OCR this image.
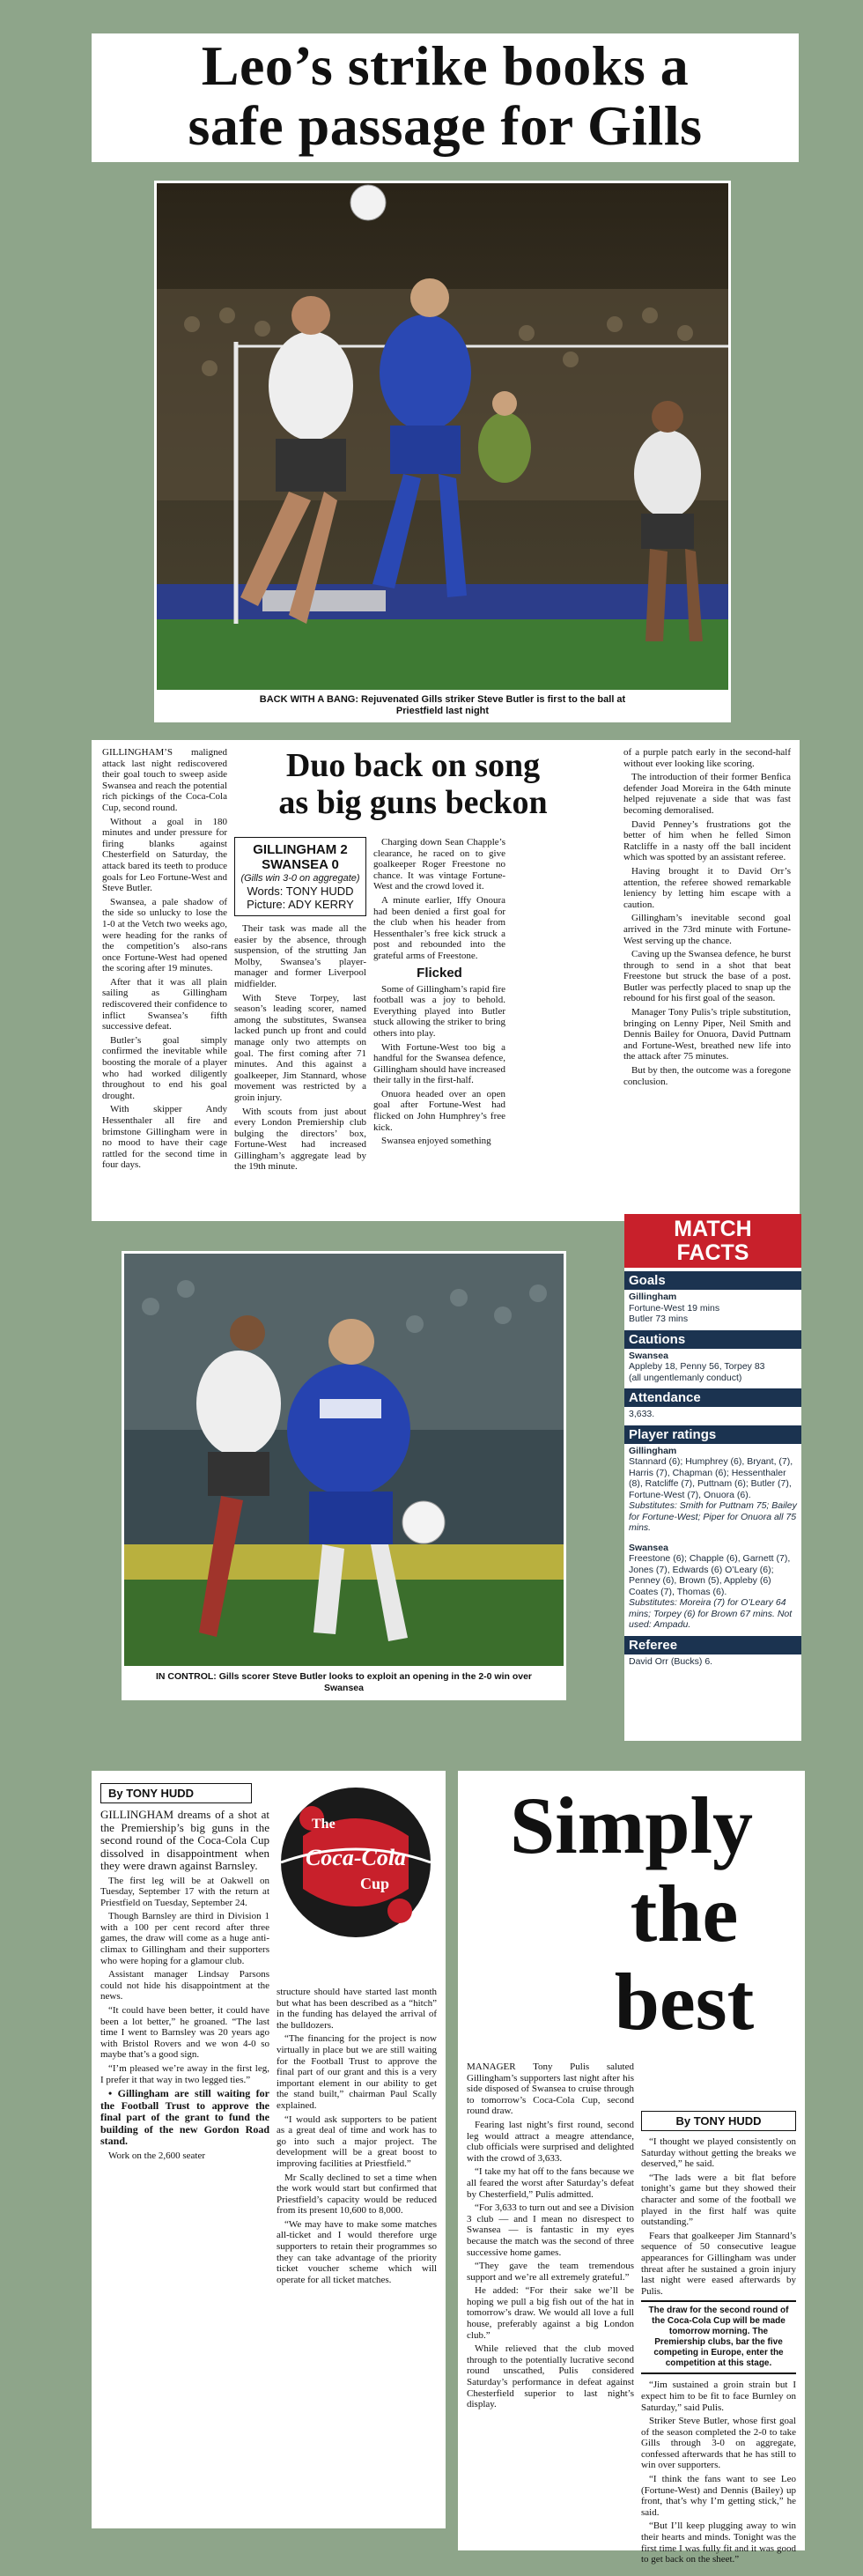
Leo’s strike books a
safe passage for Gills
BACK WITH A BANG: Rejuvenated Gills striker Steve Butler is first to the ball at
Priestfield last night

GILLINGHAM’S maligned attack last night rediscovered their goal touch to sweep aside Swansea and reach the potential rich pickings of the Coca-Cola Cup, second round.

Without a goal in 180 minutes and under pressure for firing blanks against Chesterfield on Saturday, the attack bared its teeth to produce goals for Leo Fortune-West and Steve Butler.

Swansea, a pale shadow of the side so unlucky to lose the 1-0 at the Vetch two weeks ago, were heading for the ranks of the competition’s also-rans once Fortune-West had opened the scoring after 19 minutes.

After that it was all plain sailing as Gillingham rediscovered their confidence to inflict Swansea’s fifth successive defeat.

Butler’s goal simply confirmed the inevitable while boosting the morale of a player who had worked diligently throughout to end his goal drought.

With skipper Andy Hessenthaler all fire and brimstone Gillingham were in no mood to have their cage rattled for the second time in four days.

Duo back on song
as big guns beckon
GILLINGHAM 2
SWANSEA 0
(Gills win 3-0 on aggregate)
Words: TONY HUDD
Picture: ADY KERRY

Their task was made all the easier by the absence, through suspension, of the strutting Jan Molby, Swansea’s player-manager and former Liverpool midfielder.

With Steve Torpey, last season’s leading scorer, named among the substitutes, Swansea lacked punch up front and could manage only two attempts on goal. The first coming after 71 minutes. And this against a goalkeeper, Jim Stannard, whose movement was restricted by a groin injury.

With scouts from just about every London Premiership club bulging the directors’ box, Fortune-West had increased Gillingham’s aggregate lead by the 19th minute.

Charging down Sean Chapple’s clearance, he raced on to give goalkeeper Roger Freestone no chance. It was vintage Fortune-West and the crowd loved it.

A minute earlier, Iffy Onoura had been denied a first goal for the club when his header from Hessenthaler’s free kick struck a post and rebounded into the grateful arms of Freestone.

Flicked

Some of Gillingham’s rapid fire football was a joy to behold. Everything played into Butler stuck allowing the striker to bring others into play.

With Fortune-West too big a handful for the Swansea defence, Gillingham should have increased their tally in the first-half.

Onuora headed over an open goal after Fortune-West had flicked on John Humphrey’s free kick.

Swansea enjoyed something

of a purple patch early in the second-half without ever looking like scoring.

The introduction of their former Benfica defender Joad Moreira in the 64th minute helped rejuvenate a side that was fast becoming demoralised.

David Penney’s frustrations got the better of him when he felled Simon Ratcliffe in a nasty off the ball incident which was spotted by an assistant referee.

Having brought it to David Orr’s attention, the referee showed remarkable leniency by letting him escape with a caution.

Gillingham’s inevitable second goal arrived in the 73rd minute with Fortune-West serving up the chance.

Caving up the Swansea defence, he burst through to send in a shot that beat Freestone but struck the base of a post. Butler was perfectly placed to snap up the rebound for his first goal of the season.

Manager Tony Pulis’s triple substitution, bringing on Lenny Piper, Neil Smith and Dennis Bailey for Onuora, David Puttnam and Fortune-West, breathed new life into the attack after 75 minutes.

But by then, the outcome was a foregone conclusion.

IN CONTROL: Gills scorer Steve Butler looks to exploit an opening in the 2-0 win over
Swansea
MATCH
FACTS
Goals
Gillingham
Fortune-West 19 mins
Butler 73 mins
Cautions
Swansea
Appleby 18, Penny 56, Torpey 83
(all ungentlemanly conduct)
Attendance
3,633.
Player ratings
Gillingham
Stannard (6); Humphrey (6), Bryant, (7), Harris (7), Chapman (6); Hessenthaler (8), Ratcliffe (7), Puttnam (6); Butler (7), Fortune-West (7), Onuora (6).
Substitutes: Smith for Puttnam 75; Bailey for Fortune-West; Piper for Onuora all 75 mins.
Swansea
Freestone (6); Chapple (6), Garnett (7), Jones (7), Edwards (6) O’Leary (6); Penney (6), Brown (5), Appleby (6) Coates (7), Thomas (6).
Substitutes: Moreira (7) for O’Leary 64 mins; Torpey (6) for Brown 67 mins. Not used: Ampadu.
Referee
David Orr (Bucks) 6.
By TONY HUDD

GILLINGHAM dreams of a shot at the Premiership’s big guns in the second round of the Coca-Cola Cup dissolved in disappointment when they were drawn against Barnsley.

The first leg will be at Oakwell on Tuesday, September 17 with the return at Priestfield on Tuesday, September 24.

Though Barnsley are third in Division 1 with a 100 per cent record after three games, the draw will come as a huge anti-climax to Gillingham and their supporters who were hoping for a glamour club.

Assistant manager Lindsay Parsons could not hide his disappointment at the news.

“It could have been better, it could have been a lot better,” he groaned. “The last time I went to Barnsley was 20 years ago with Bristol Rovers and we won 4-0 so maybe that’s a good sign.

“I’m pleased we’re away in the first leg, I prefer it that way in two legged ties.”

• Gillingham are still waiting for the Football Trust to approve the final part of the grant to fund the building of the new Gordon Road stand.

Work on the 2,600 seater

The
Coca-Cola
Cup

structure should have started last month but what has been described as a “hitch” in the funding has delayed the arrival of the bulldozers.

“The financing for the project is now virtually in place but we are still waiting for the Football Trust to approve the final part of our grant and this is a very important element in our ability to get the stand built,” chairman Paul Scally explained.

“I would ask supporters to be patient as a great deal of time and work has to go into such a major project. The development will be a great boost to improving facilities at Priestfield.”

Mr Scally declined to set a time when the work would start but confirmed that Priestfield’s capacity would be reduced from its present 10,600 to 8,000.

“We may have to make some matches all-ticket and I would therefore urge supporters to retain their programmes so they can take advantage of the priority ticket voucher scheme which will operate for all ticket matches.

Simply
the
best

MANAGER Tony Pulis saluted Gillingham’s supporters last night after his side disposed of Swansea to cruise through to tomorrow’s Coca-Cola Cup, second round draw.

Fearing last night’s first round, second leg would attract a meagre attendance, club officials were surprised and delighted with the crowd of 3,633.

“I take my hat off to the fans because we all feared the worst after Saturday’s defeat by Chesterfield,” Pulis admitted.

“For 3,633 to turn out and see a Division 3 club — and I mean no disrespect to Swansea — is fantastic in my eyes because the match was the second of three successive home games.

“They gave the team tremendous support and we’re all extremely grateful.”

He added: “For their sake we’ll be hoping we pull a big fish out of the hat in tomorrow’s draw. We would all love a full house, preferably against a big London club.”

While relieved that the club moved through to the potentially lucrative second round unscathed, Pulis considered Saturday’s performance in defeat against Chesterfield superior to last night’s display.

By TONY HUDD

“I thought we played consistently on Saturday without getting the breaks we deserved,” he said.

“The lads were a bit flat before tonight’s game but they showed their character and some of the football we played in the first half was quite outstanding.”

Fears that goalkeeper Jim Stannard’s sequence of 50 consecutive league appearances for Gillingham was under threat after he sustained a groin injury last night were eased afterwards by Pulis.

The draw for the second round of the Coca-Cola Cup will be made tomorrow morning. The Premiership clubs, bar the five competing in Europe, enter the competition at this stage.

“Jim sustained a groin strain but I expect him to be fit to face Burnley on Saturday,” said Pulis.

Striker Steve Butler, whose first goal of the season completed the 2-0 to take Gills through 3-0 on aggregate, confessed afterwards that he has still to win over supporters.

“I think the fans want to see Leo (Fortune-West) and Dennis (Bailey) up front, that’s why I’m getting stick,” he said.

“But I’ll keep plugging away to win their hearts and minds. Tonight was the first time I was fully fit and it was good to get back on the sheet.”
